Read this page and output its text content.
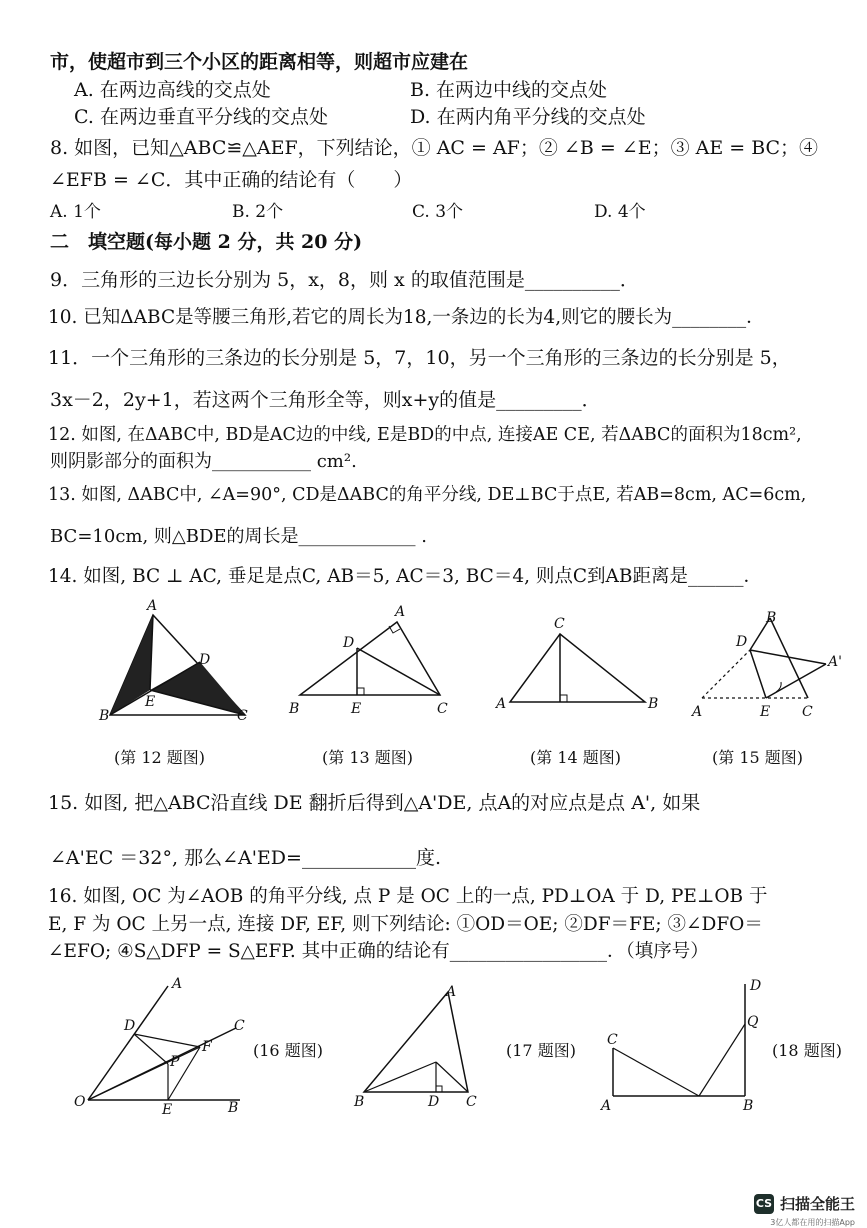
市，使超市到三个小区的距离相等，则超市应建在
A. 在两边高线的交点处	B. 在两边中线的交点处
C. 在两边垂直平分线的交点处	D. 在两内角平分线的交点处
8. 如图，已知△ABC≌△AEF，下列结论，① AC = AF；② ∠B = ∠E；③ AE = BC；④
∠EFB = ∠C．其中正确的结论有（　　）
A. 1个	B. 2个	C. 3个	D. 4个
二　填空题(每小题 2 分，共 20 分)
9．三角形的三边长分别为 5，x，8，则 x 的取值范围是__________．
10. 已知ΔABC是等腰三角形,若它的周长为18,一条边的长为4,则它的腰长为________．
11．一个三角形的三条边的长分别是 5，7，10，另一个三角形的三条边的长分别是 5，
3x－2，2y+1，若这两个三角形全等，则x+y的值是_________．
12. 如图, 在ΔABC中, BD是AC边的中线, E是BD的中点, 连接AE CE, 若ΔABC的面积为18cm²,
则阴影部分的面积为___________ cm².
13. 如图, ΔABC中, ∠A=90°, CD是ΔABC的角平分线, DE⊥BC于点E, 若AB=8cm, AC=6cm,
BC=10cm, 则△BDE的周长是_____________ .
14. 如图, BC ⊥ AC, 垂足是点C, AB＝5, AC＝3, BC＝4, 则点C到AB距离是______．
15. 如图, 把△ABC沿直线 DE 翻折后得到△A'DE, 点A的对应点是点 A', 如果
∠A'EC ＝32°, 那么∠A'ED=____________度.
16. 如图, OC 为∠AOB 的角平分线, 点 P 是 OC 上的一点, PD⊥OA 于 D, PE⊥OB 于
E, F 为 OC 上另一点, 连接 DF, EF, 则下列结论: ①OD＝OE; ②DF＝FE; ③∠DFO＝
∠EFO; ④S△DFP = S△EFP. 其中正确的结论有_________________．（填序号）
A
D
E
B	C
(第 12 题图)
A
D
B	E	C
(第 13 题图)
C
A	B
(第 14 题图)
B
D
A'
A	E C
(第 15 题图)
A
C
D
F
P
O	E	B
(16 题图)
A
B	D C
(17 题图)
D
Q
C
A	B
(18 题图)
CS 扫描全能王
3亿人都在用的扫描App
